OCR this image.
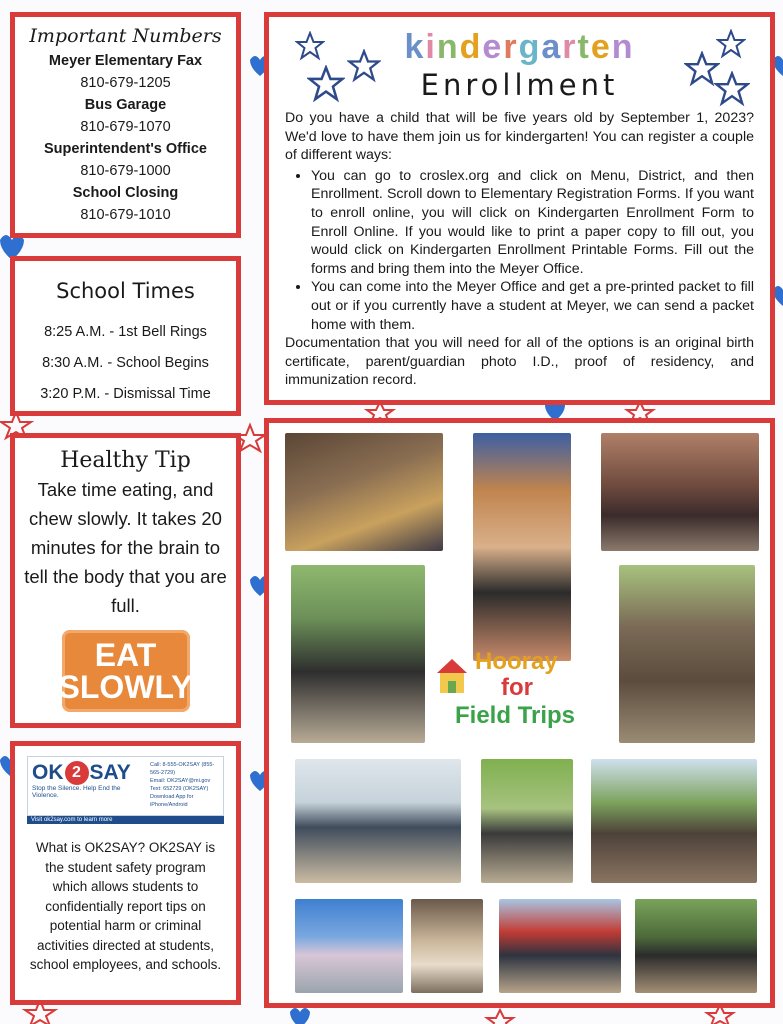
Important Numbers
Meyer Elementary Fax
810-679-1205
Bus Garage
810-679-1070
Superintendent's Office
810-679-1000
School Closing
810-679-1010
School Times
8:25 A.M. - 1st Bell Rings
8:30 A.M. - School Begins
3:20 P.M. - Dismissal Time
Healthy Tip
Take time eating, and chew slowly. It takes 20 minutes for the brain to tell the body that you are full.
EAT
SLOWLY
OK 2 SAY
Stop the Silence. Help End the Violence.
Call: 8-555-OK2SAY (855-565-2729)
Email: OK2SAY@mi.gov
Text: 652729 (OK2SAY)
Download App for iPhone/Android
Visit ok2say.com to learn more
What is OK2SAY? OK2SAY is the student safety program which allows students to confidentially report tips on potential harm or criminal activities directed at students, school employees, and schools.
kindergarten
Enrollment
Do you have a child that will be five years old by September 1, 2023? We'd love to have them join us for kindergarten! You can register a couple of different ways:
• You can go to croslex.org and click on Menu, District, and then Enrollment. Scroll down to Elementary Registration Forms. If you want to enroll online, you will click on Kindergarten Enrollment Form to Enroll Online. If you would like to print a paper copy to fill out, you would click on Kindergarten Enrollment Printable Forms. Fill out the forms and bring them into the Meyer Office.
• You can come into the Meyer Office and get a pre-printed packet to fill out or if you currently have a student at Meyer, we can send a packet home with them.
Documentation that you will need for all of the options is an original birth certificate, parent/guardian photo I.D., proof of residency, and immunization record.
Hooray
for
Field Trips
